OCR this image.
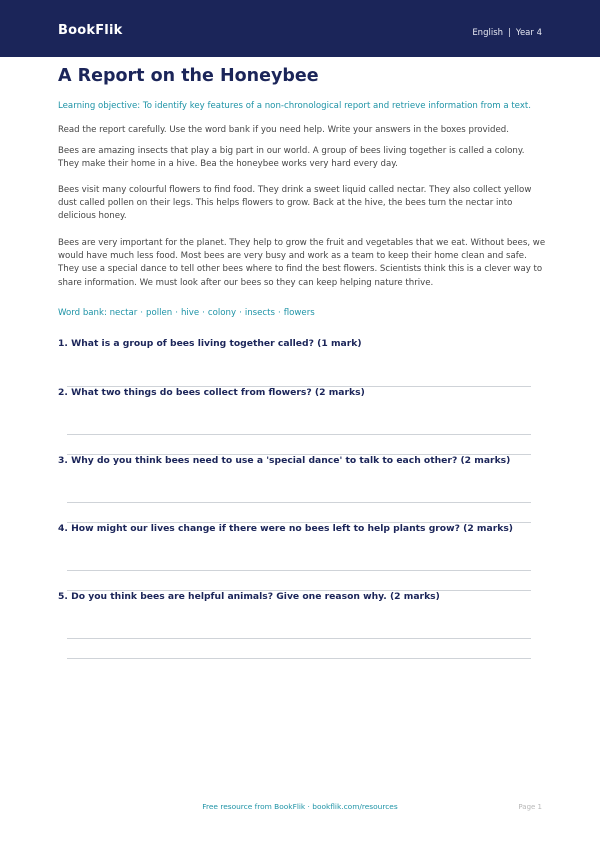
BookFlik	English | Year 4
A Report on the Honeybee
Learning objective: To identify key features of a non-chronological report and retrieve information from a text.

Read the report carefully. Use the word bank if you need help. Write your answers in the boxes provided.

Bees are amazing insects that play a big part in our world. A group of bees living together is called a colony. They make their home in a hive. Bea the honeybee works very hard every day.

Bees visit many colourful flowers to find food. They drink a sweet liquid called nectar. They also collect yellow dust called pollen on their legs. This helps flowers to grow. Back at the hive, the bees turn the nectar into delicious honey.

Bees are very important for the planet. They help to grow the fruit and vegetables that we eat. Without bees, we would have much less food. Most bees are very busy and work as a team to keep their home clean and safe. They use a special dance to tell other bees where to find the best flowers. Scientists think this is a clever way to share information. We must look after our bees so they can keep helping nature thrive.

Word bank: nectar · pollen · hive · colony · insects · flowers

1. What is a group of bees living together called? (1 mark)

2. What two things do bees collect from flowers? (2 marks)

3. Why do you think bees need to use a 'special dance' to talk to each other? (2 marks)

4. How might our lives change if there were no bees left to help plants grow? (2 marks)

5. Do you think bees are helpful animals? Give one reason why. (2 marks)

Free resource from BookFlik · bookflik.com/resources	Page 1
